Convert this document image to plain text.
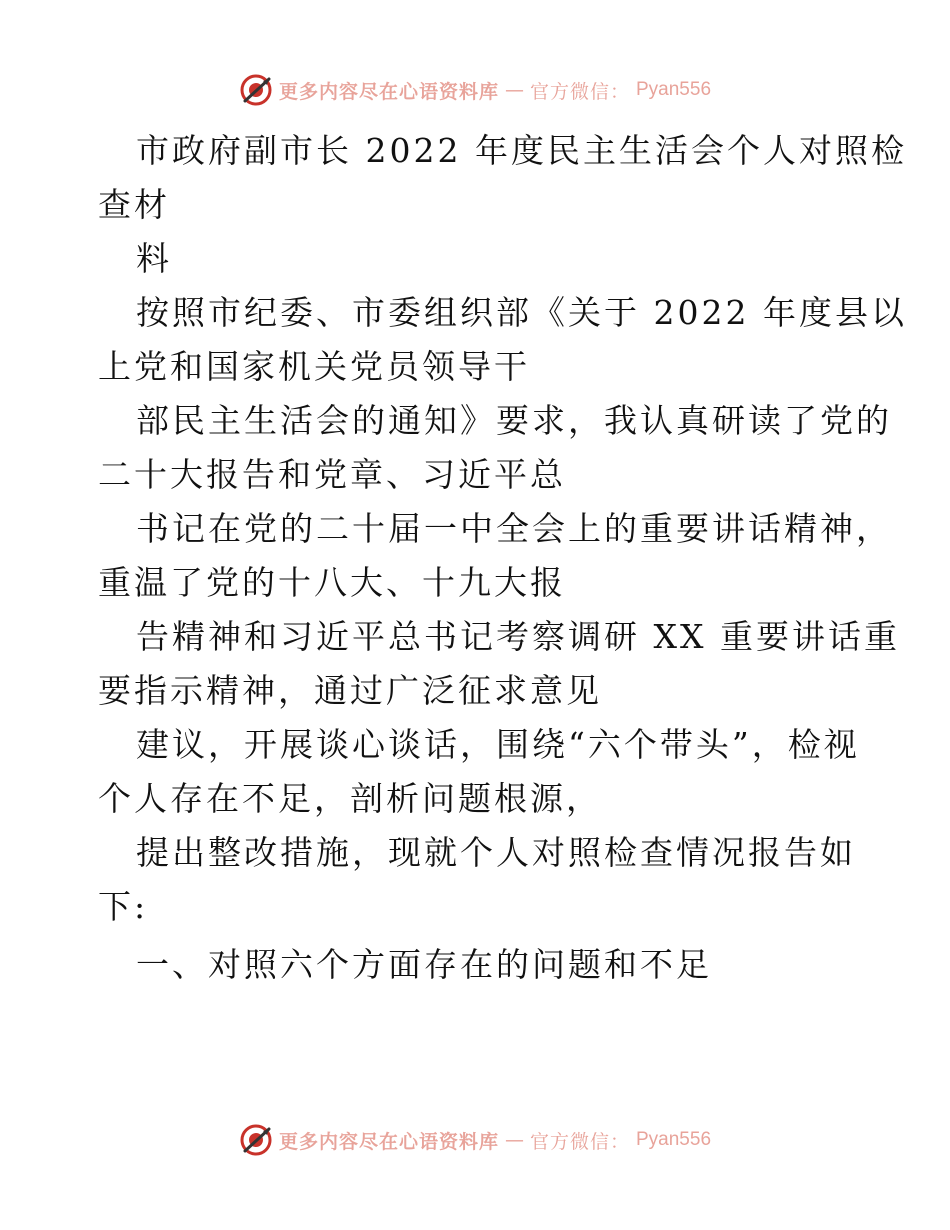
更多内容尽在心语资料库 — 官方微信： Pyan556

市政府副市长 2022 年度民主生活会个人对照检

查材

料

按照市纪委、市委组织部《关于 2022 年度县以

上党和国家机关党员领导干

部民主生活会的通知》要求，我认真研读了党的

二十大报告和党章、习近平总

书记在党的二十届一中全会上的重要讲话精神，

重温了党的十八大、十九大报

告精神和习近平总书记考察调研 XX 重要讲话重

要指示精神，通过广泛征求意见

建议，开展谈心谈话，围绕“六个带头”，检视

个人存在不足，剖析问题根源，

提出整改措施，现就个人对照检查情况报告如

下:

一、对照六个方面存在的问题和不足

更多内容尽在心语资料库 — 官方微信： Pyan556
